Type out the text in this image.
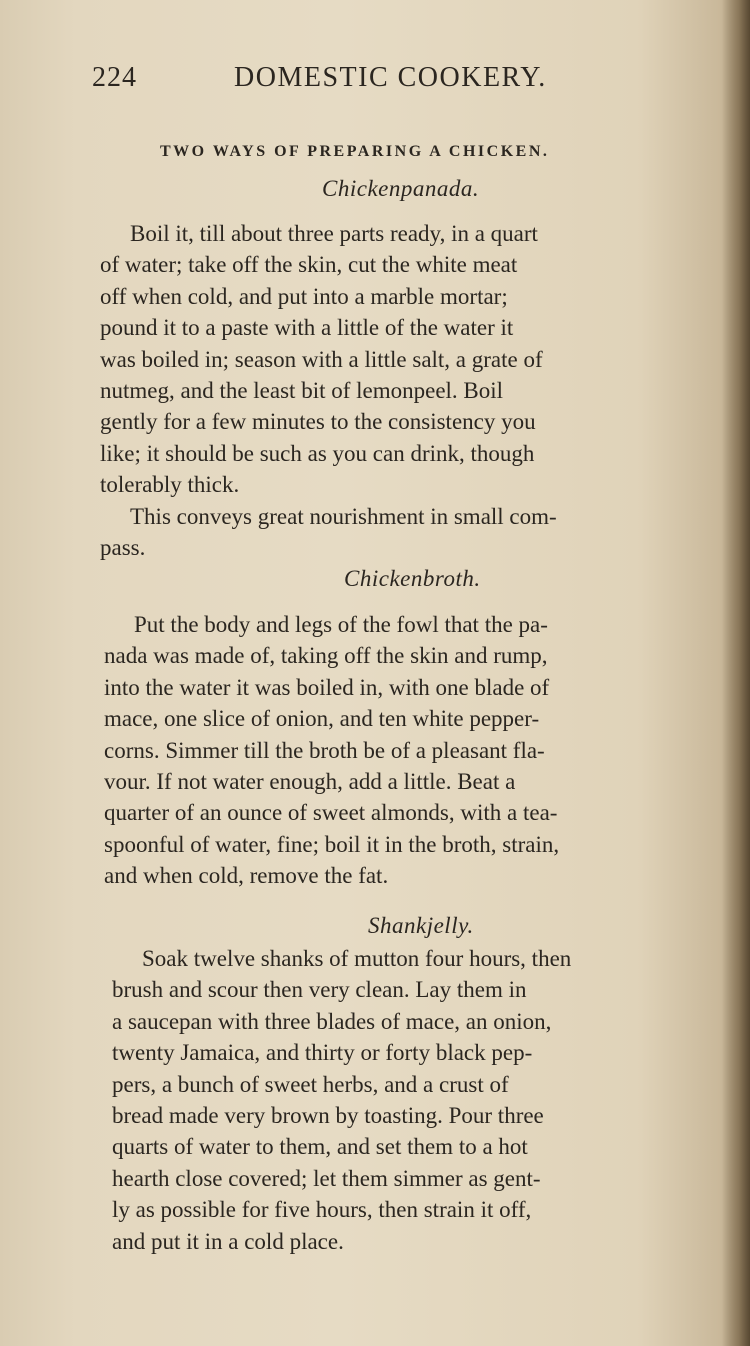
224	DOMESTIC COOKERY.
TWO WAYS OF PREPARING A CHICKEN.
Chickenpanada.
Boil it, till about three parts ready, in a quart
of water; take off the skin, cut the white meat
off when cold, and put into a marble mortar;
pound it to a paste with a little of the water it
was boiled in; season with a little salt, a grate of
nutmeg, and the least bit of lemonpeel. Boil
gently for a few minutes to the consistency you
like; it should be such as you can drink, though
tolerably thick.
This conveys great nourishment in small com-
pass.
Chickenbroth.
Put the body and legs of the fowl that the pa-
nada was made of, taking off the skin and rump,
into the water it was boiled in, with one blade of
mace, one slice of onion, and ten white pepper-
corns. Simmer till the broth be of a pleasant fla-
vour. If not water enough, add a little. Beat a
quarter of an ounce of sweet almonds, with a tea-
spoonful of water, fine; boil it in the broth, strain,
and when cold, remove the fat.
Shankjelly.
Soak twelve shanks of mutton four hours, then
brush and scour then very clean. Lay them in
a saucepan with three blades of mace, an onion,
twenty Jamaica, and thirty or forty black pep-
pers, a bunch of sweet herbs, and a crust of
bread made very brown by toasting. Pour three
quarts of water to them, and set them to a hot
hearth close covered; let them simmer as gent-
ly as possible for five hours, then strain it off,
and put it in a cold place.
